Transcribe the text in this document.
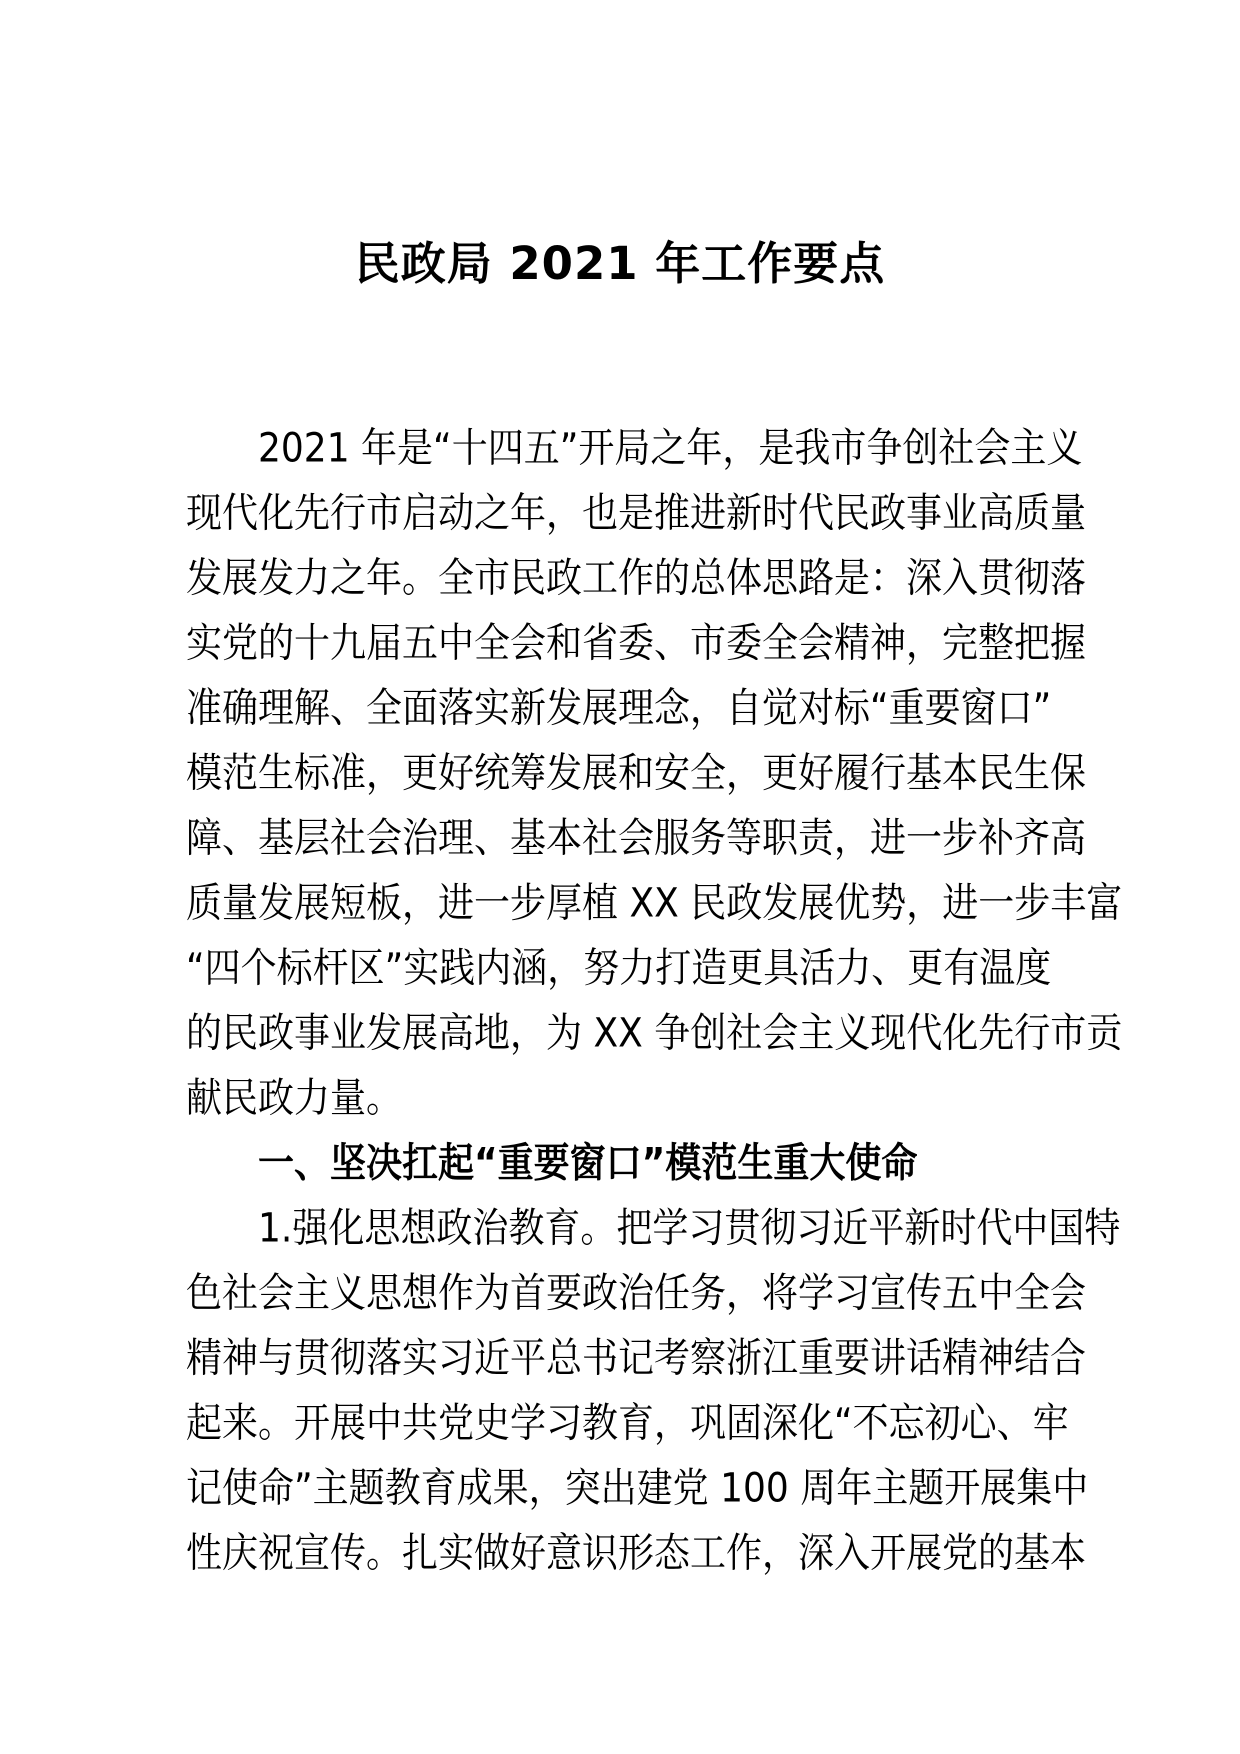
民政局 2021 年工作要点
2021 年是“十四五”开局之年，是我市争创社会主义
现代化先行市启动之年，也是推进新时代民政事业高质量
发展发力之年。全市民政工作的总体思路是：深入贯彻落
实党的十九届五中全会和省委、市委全会精神，完整把握
准确理解、全面落实新发展理念，自觉对标“重要窗口”
模范生标准，更好统筹发展和安全，更好履行基本民生保
障、基层社会治理、基本社会服务等职责，进一步补齐高
质量发展短板，进一步厚植 XX 民政发展优势，进一步丰富
“四个标杆区”实践内涵，努力打造更具活力、更有温度
的民政事业发展高地，为 XX 争创社会主义现代化先行市贡
献民政力量。
一、坚决扛起“重要窗口”模范生重大使命
1.强化思想政治教育。把学习贯彻习近平新时代中国特
色社会主义思想作为首要政治任务，将学习宣传五中全会
精神与贯彻落实习近平总书记考察浙江重要讲话精神结合
起来。开展中共党史学习教育，巩固深化“不忘初心、牢
记使命”主题教育成果，突出建党 100 周年主题开展集中
性庆祝宣传。扎实做好意识形态工作，深入开展党的基本
